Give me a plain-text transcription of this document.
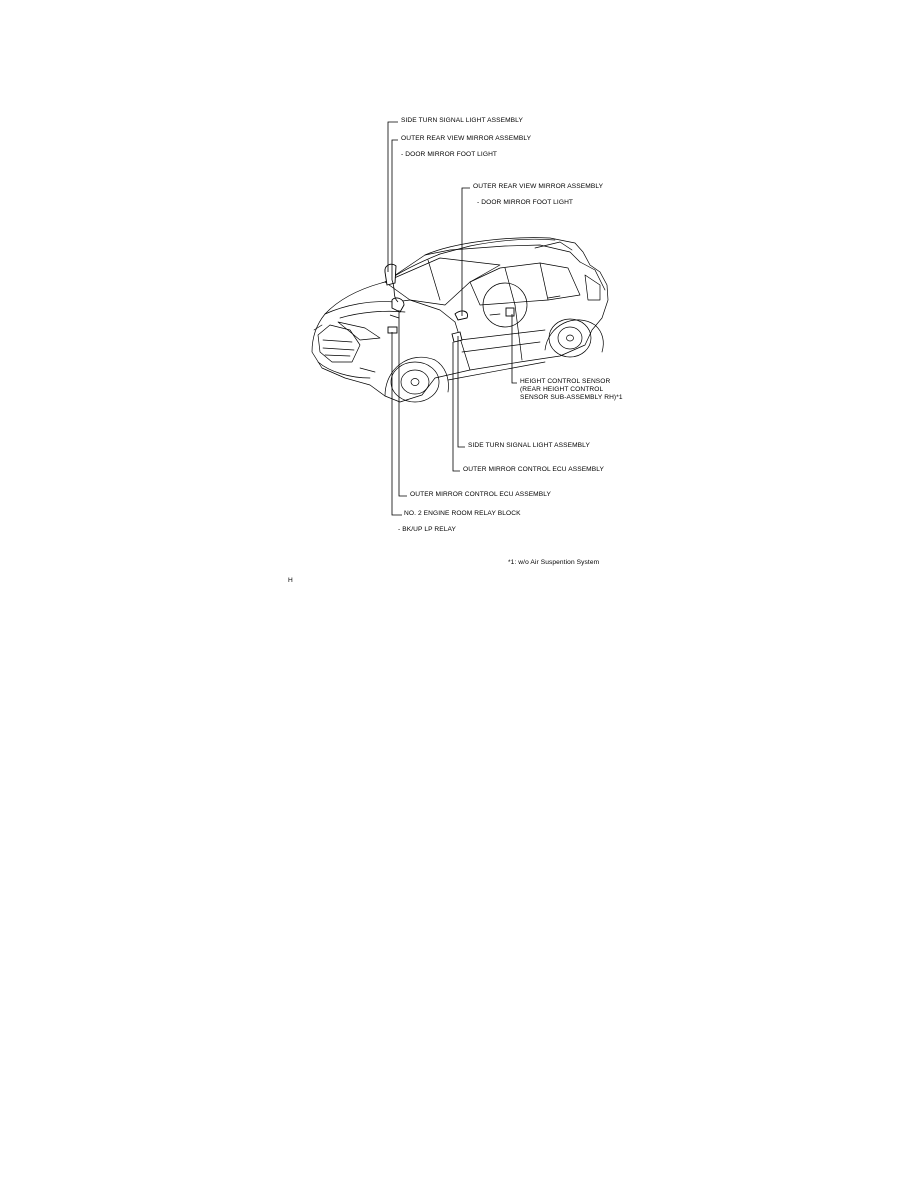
SIDE TURN SIGNAL LIGHT ASSEMBLY
OUTER REAR VIEW MIRROR ASSEMBLY
- DOOR MIRROR FOOT LIGHT
OUTER REAR VIEW MIRROR ASSEMBLY
- DOOR MIRROR FOOT LIGHT
HEIGHT CONTROL SENSOR
(REAR HEIGHT CONTROL
SENSOR SUB-ASSEMBLY RH)*1
SIDE TURN SIGNAL LIGHT ASSEMBLY
OUTER MIRROR CONTROL ECU ASSEMBLY
OUTER MIRROR CONTROL ECU ASSEMBLY
NO. 2 ENGINE ROOM RELAY BLOCK
- BK/UP LP RELAY
*1: w/o Air Suspention System
H
